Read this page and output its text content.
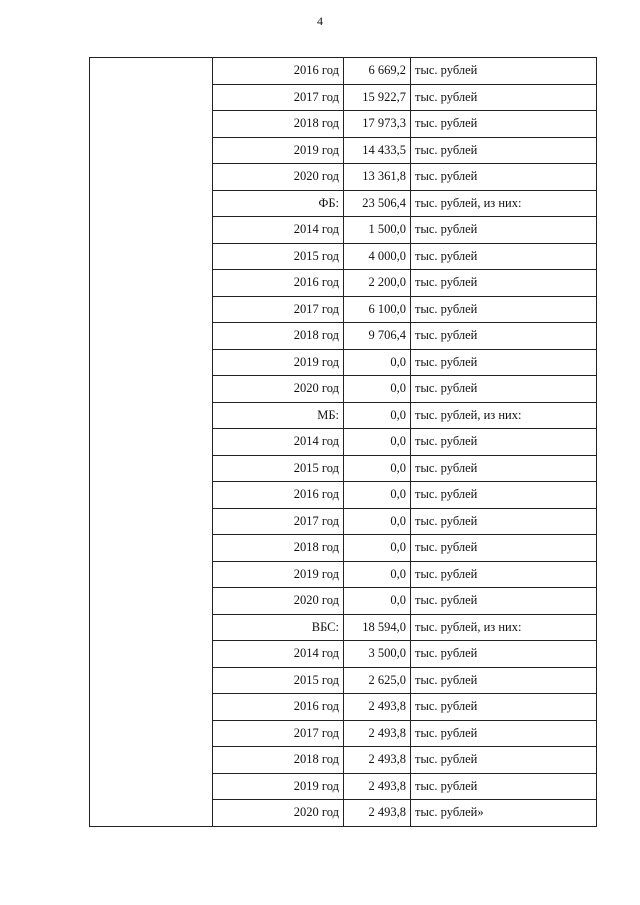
4
	2016 год	6 669,2	тыс. рублей
	2017 год	15 922,7	тыс. рублей
	2018 год	17 973,3	тыс. рублей
	2019 год	14 433,5	тыс. рублей
	2020 год	13 361,8	тыс. рублей
	ФБ:	23 506,4	тыс. рублей, из них:
	2014 год	1 500,0	тыс. рублей
	2015 год	4 000,0	тыс. рублей
	2016 год	2 200,0	тыс. рублей
	2017 год	6 100,0	тыс. рублей
	2018 год	9 706,4	тыс. рублей
	2019 год	0,0	тыс. рублей
	2020 год	0,0	тыс. рублей
	МБ:	0,0	тыс. рублей, из них:
	2014 год	0,0	тыс. рублей
	2015 год	0,0	тыс. рублей
	2016 год	0,0	тыс. рублей
	2017 год	0,0	тыс. рублей
	2018 год	0,0	тыс. рублей
	2019 год	0,0	тыс. рублей
	2020 год	0,0	тыс. рублей
	ВБС:	18 594,0	тыс. рублей, из них:
	2014 год	3 500,0	тыс. рублей
	2015 год	2 625,0	тыс. рублей
	2016 год	2 493,8	тыс. рублей
	2017 год	2 493,8	тыс. рублей
	2018 год	2 493,8	тыс. рублей
	2019 год	2 493,8	тыс. рублей
	2020 год	2 493,8	тыс. рублей»
